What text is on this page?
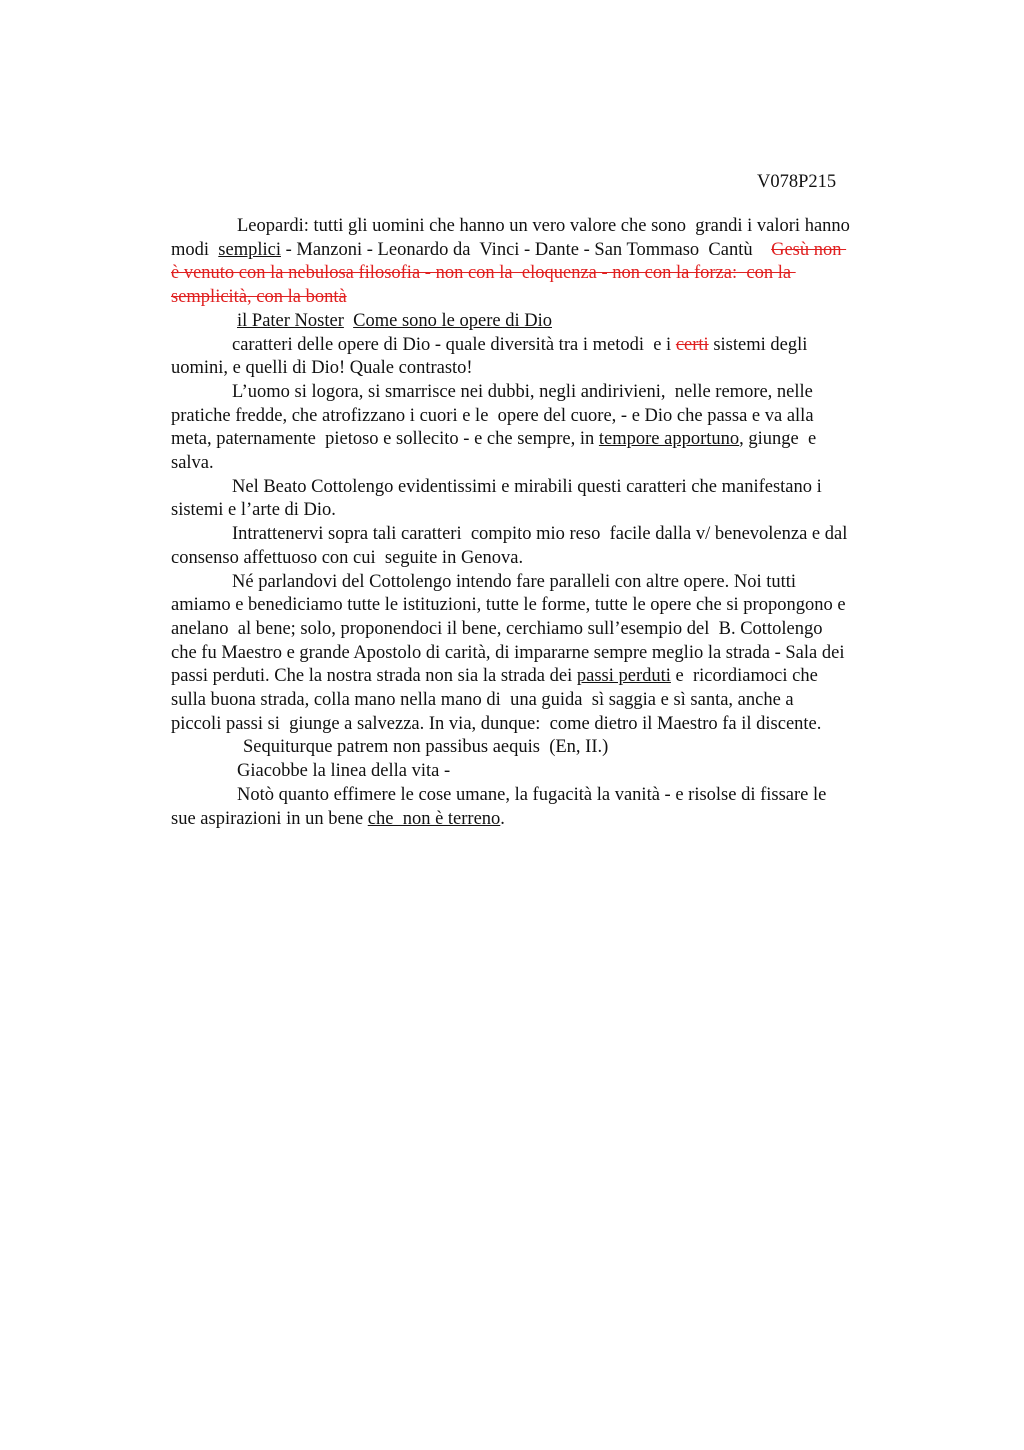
V078P215
Leopardi: tutti gli uomini che hanno un vero valore che sono  grandi i valori hanno
modi  semplici - Manzoni - Leonardo da  Vinci - Dante - San Tommaso  Cantù    Gesù non
è venuto con la nebulosa filosofia - non con la  eloquenza - non con la forza:  con la
semplicità, con la bontà
il Pater Noster Come sono le opere di Dio
caratteri delle opere di Dio - quale diversità tra i metodi  e i certi sistemi degli
uomini, e quelli di Dio! Quale contrasto!
L’uomo si logora, si smarrisce nei dubbi, negli andirivieni,  nelle remore, nelle
pratiche fredde, che atrofizzano i cuori e le  opere del cuore, - e Dio che passa e va alla
meta, paternamente  pietoso e sollecito - e che sempre, in tempore apportuno, giunge  e
salva.
Nel Beato Cottolengo evidentissimi e mirabili questi caratteri che manifestano i
sistemi e l’arte di Dio.
Intrattenervi sopra tali caratteri  compito mio reso  facile dalla v/ benevolenza e dal
consenso affettuoso con cui  seguite in Genova.
Né parlandovi del Cottolengo intendo fare paralleli con altre opere. Noi tutti
amiamo e benediciamo tutte le istituzioni, tutte le forme, tutte le opere che si propongono e
anelano  al bene; solo, proponendoci il bene, cerchiamo sull’esempio del  B. Cottolengo
che fu Maestro e grande Apostolo di carità, di impararne sempre meglio la strada - Sala dei
passi perduti. Che la nostra strada non sia la strada dei passi perduti e  ricordiamoci che
sulla buona strada, colla mano nella mano di  una guida  sì saggia e sì santa, anche a
piccoli passi si  giunge a salvezza. In via, dunque:  come dietro il Maestro fa il discente.
Sequiturque patrem non passibus aequis  (En, II.)
Giacobbe la linea della vita -
Notò quanto effimere le cose umane, la fugacità la vanità - e risolse di fissare le
sue aspirazioni in un bene che  non è terreno.
